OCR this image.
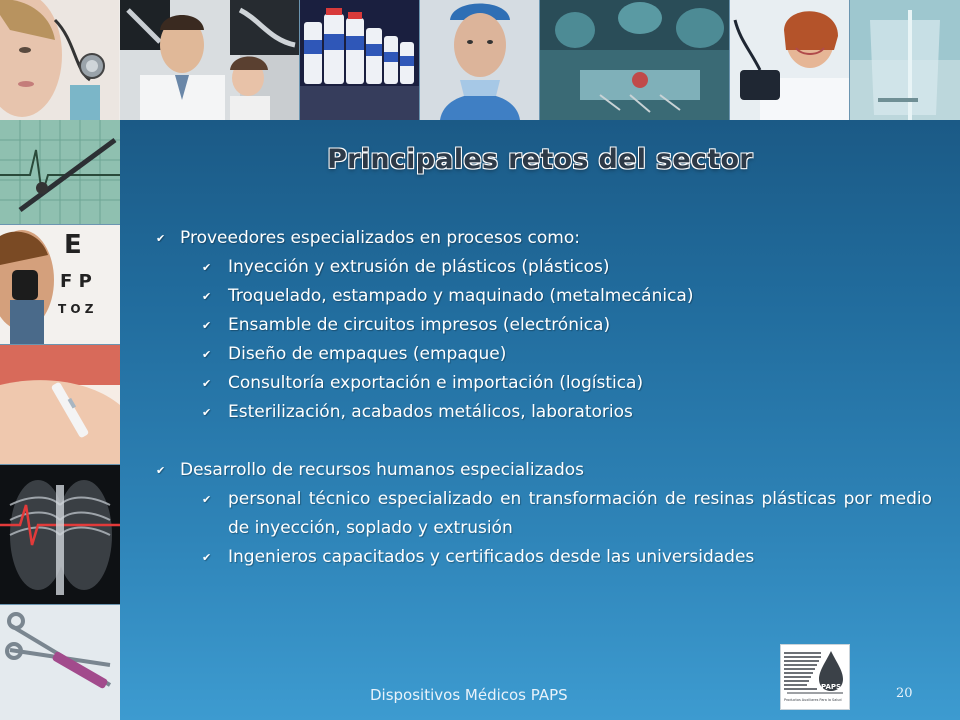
E
F P
T O Z
Principales retos del sector
✔ Proveedores especializados en procesos como:
✔ Inyección y extrusión de plásticos (plásticos)
✔ Troquelado, estampado y maquinado (metalmecánica)
✔ Ensamble de circuitos impresos (electrónica)
✔ Diseño de empaques (empaque)
✔ Consultoría exportación e importación (logística)
✔ Esterilización, acabados metálicos, laboratorios
✔ Desarrollo de recursos humanos especializados
✔ personal técnico especializado en transformación de resinas plásticas por medio de inyección, soplado y extrusión
✔ Ingenieros capacitados y certificados desde las universidades
PAPS
Productos Auxiliares Para la Salud
Dispositivos Médicos PAPS	20
